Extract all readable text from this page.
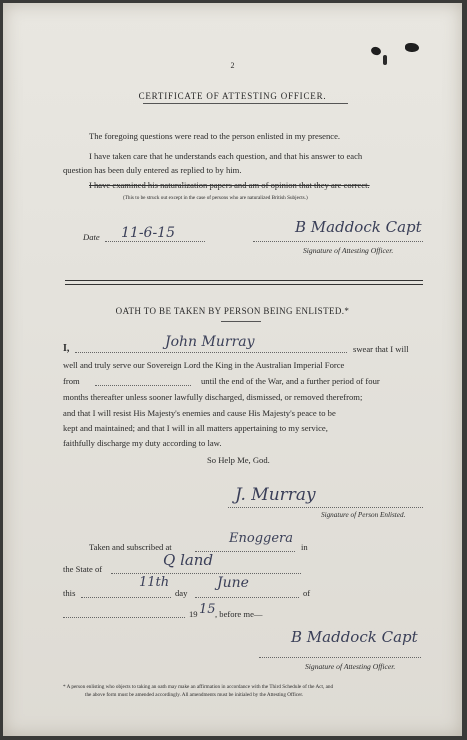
2
CERTIFICATE OF ATTESTING OFFICER.
The foregoing questions were read to the person enlisted in my presence.
I have taken care that he understands each question, and that his answer to each
question has been duly entered as replied to by him.
I have examined his naturalization papers and am of opinion that they are correct.
(This to be struck out except in the case of persons who are naturalized British Subjects.)
Date 11-6-15	B Maddock Capt
Signature of Attesting Officer.
OATH TO BE TAKEN BY PERSON BEING ENLISTED.*
I,	John Murray	swear that I will
well and truly serve our Sovereign Lord the King in the Australian Imperial Force
from	until the end of the War, and a further period of four
months thereafter unless sooner lawfully discharged, dismissed, or removed therefrom;
and that I will resist His Majesty's enemies and cause His Majesty's peace to be
kept and maintained; and that I will in all matters appertaining to my service,
faithfully discharge my duty according to law.
So Help Me, God.
J. Murray
Signature of Person Enlisted.
Taken and subscribed at
Enoggera
in
the State of	Q land
this
11th
day
June
of
19 15 , before me—
B Maddock Capt
Signature of Attesting Officer.
* A person enlisting who objects to taking an oath may make an affirmation in accordance with the Third Schedule of the Act, and
the above form must be amended accordingly. All amendments must be initialed by the Attesting Officer.
